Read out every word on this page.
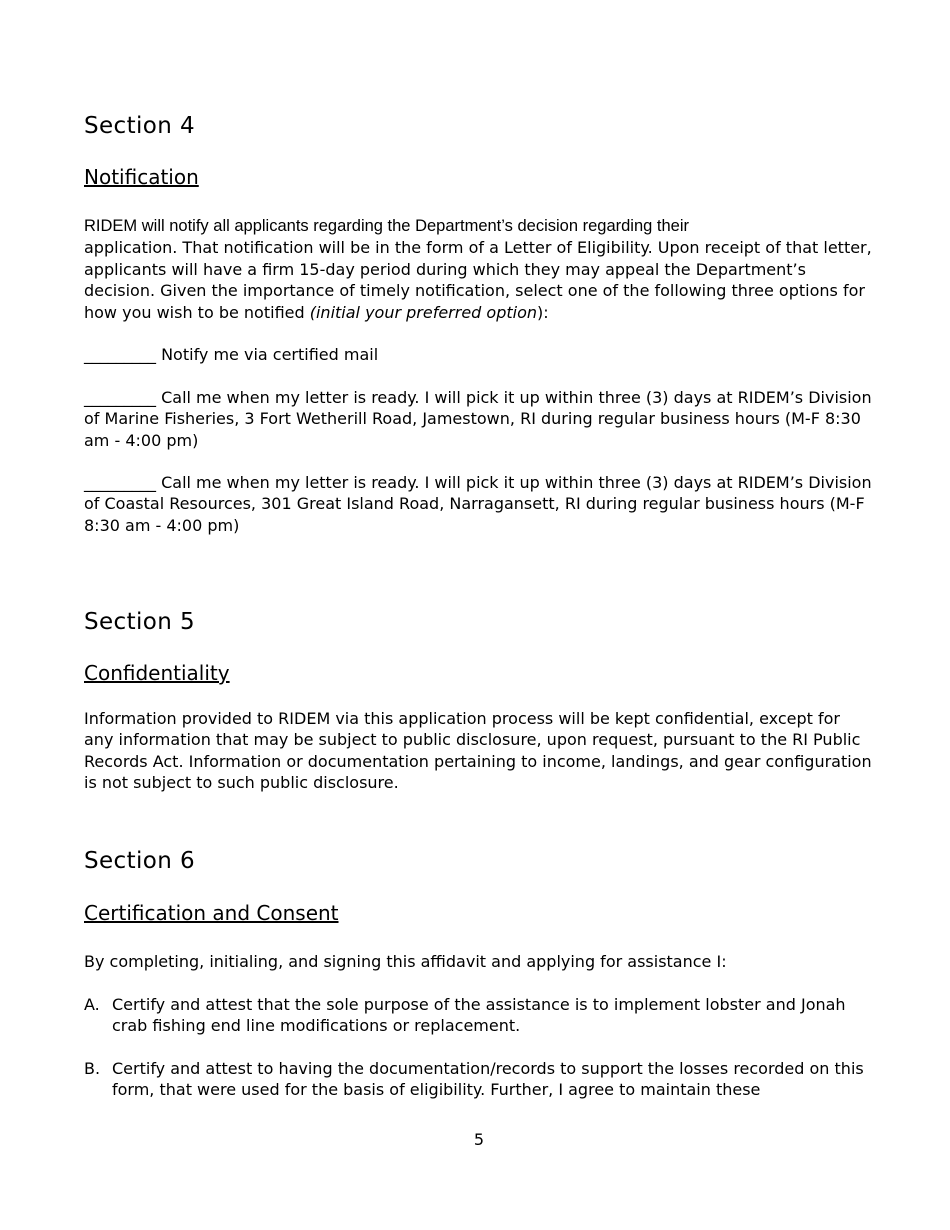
Section 4
Notification
RIDEM will notify all applicants regarding the Department’s decision regarding their
application. That notification will be in the form of a Letter of Eligibility. Upon receipt of that letter, applicants will have a firm 15-day period during which they may appeal the Department’s decision. Given the importance of timely notification, select one of the following three options for how you wish to be notified (initial your preferred option):
_________ Notify me via certified mail
_________ Call me when my letter is ready. I will pick it up within three (3) days at RIDEM’s Division of Marine Fisheries, 3 Fort Wetherill Road, Jamestown, RI during regular business hours (M-F 8:30 am - 4:00 pm)
_________ Call me when my letter is ready. I will pick it up within three (3) days at RIDEM’s Division of Coastal Resources, 301 Great Island Road, Narragansett, RI during regular business hours (M-F 8:30 am - 4:00 pm)
Section 5
Confidentiality
Information provided to RIDEM via this application process will be kept confidential, except for any information that may be subject to public disclosure, upon request, pursuant to the RI Public Records Act. Information or documentation pertaining to income, landings, and gear configuration is not subject to such public disclosure.
Section 6
Certification and Consent
By completing, initialing, and signing this affidavit and applying for assistance I:
A. Certify and attest that the sole purpose of the assistance is to implement lobster and Jonah crab fishing end line modifications or replacement.
B. Certify and attest to having the documentation/records to support the losses recorded on this form, that were used for the basis of eligibility. Further, I agree to maintain these
5
